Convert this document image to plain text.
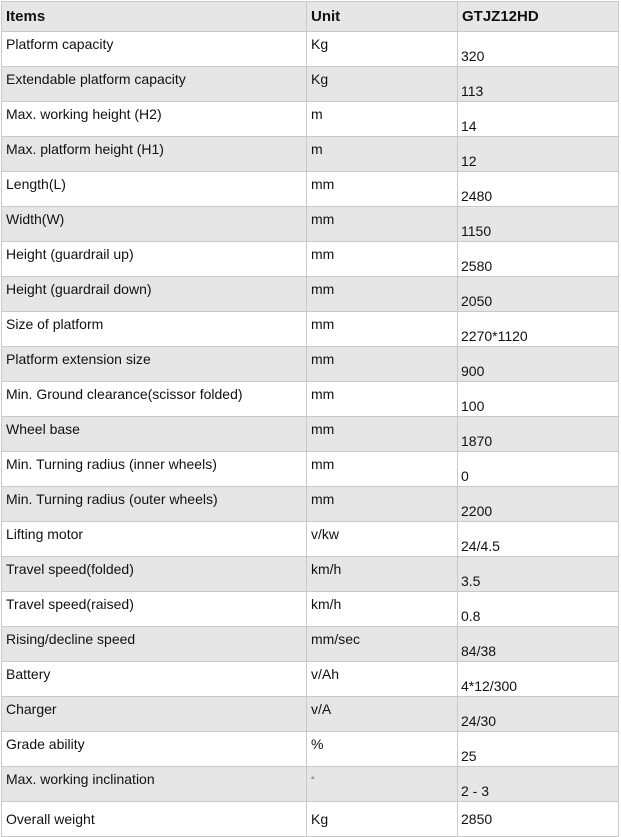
Items	Unit	GTJZ12HD
Platform capacity	Kg	320
Extendable platform capacity	Kg	113
Max. working height (H2)	m	14
Max. platform height (H1)	m	12
Length(L)	mm	2480
Width(W)	mm	1150
Height (guardrail up)	mm	2580
Height (guardrail down)	mm	2050
Size of platform	mm	2270*1120
Platform extension size	mm	900
Min. Ground clearance(scissor folded)	mm	100
Wheel base	mm	1870
Min. Turning radius (inner wheels)	mm	0
Min. Turning radius (outer wheels)	mm	2200
Lifting motor	v/kw	24/4.5
Travel speed(folded)	km/h	3.5
Travel speed(raised)	km/h	0.8
Rising/decline speed	mm/sec	84/38
Battery	v/Ah	4*12/300
Charger	v/A	24/30
Grade ability	%	25
Max. working inclination	◦	2 - 3
Overall weight	Kg	2850
